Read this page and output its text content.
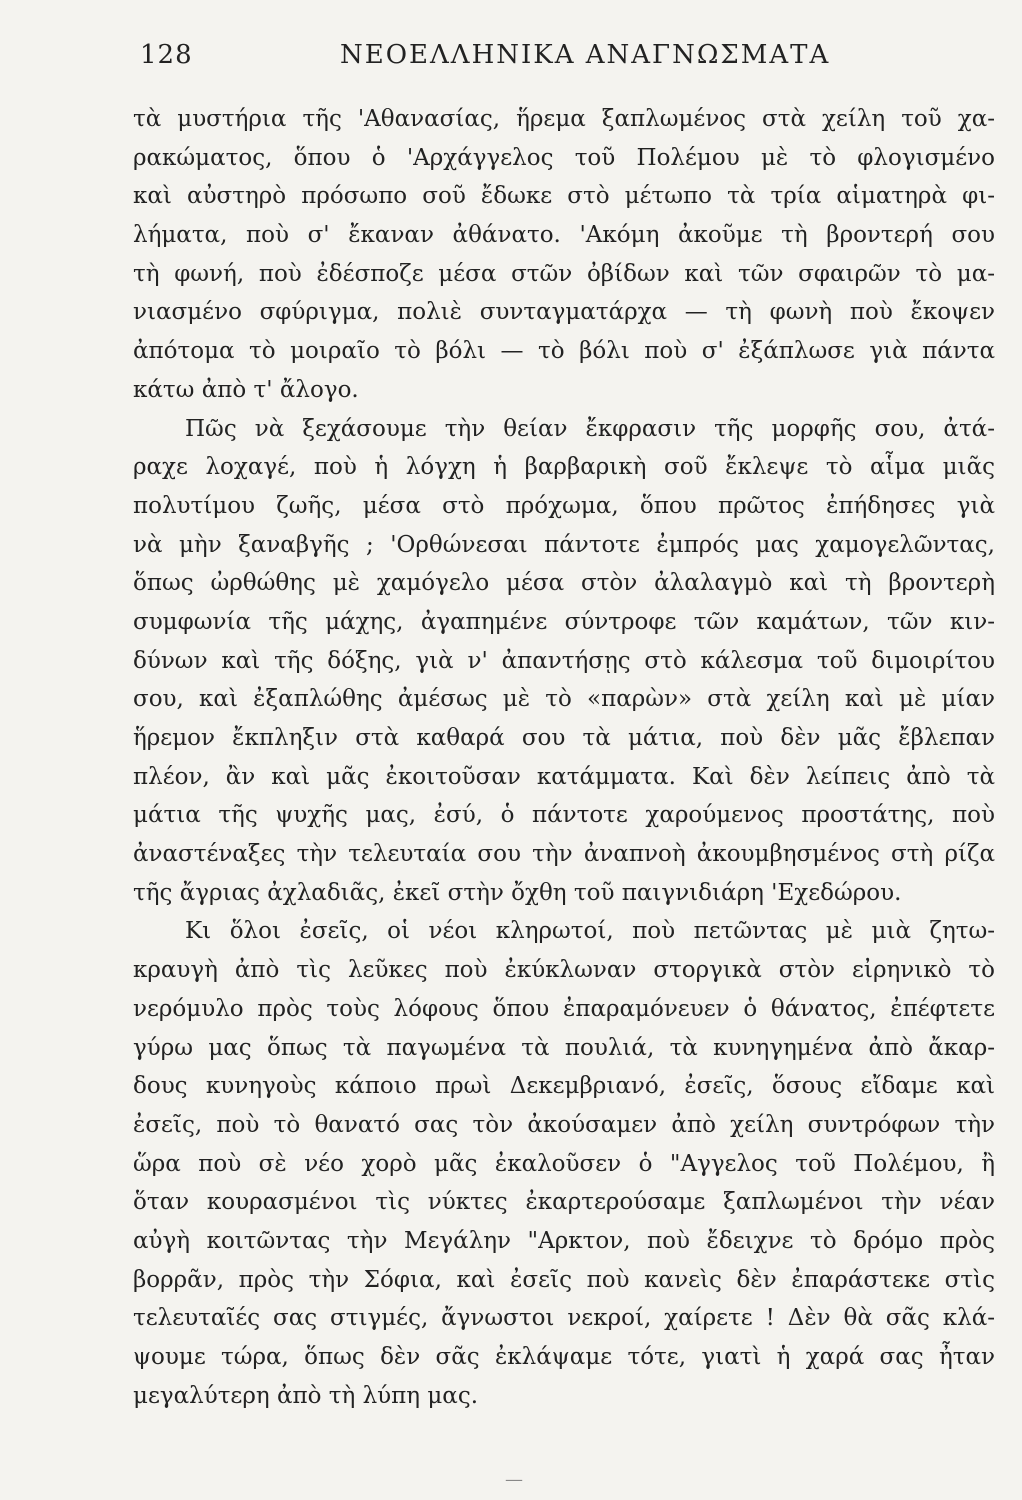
128	ΝΕΟΕΛΛΗΝΙΚΑ ΑΝΑΓΝΩΣΜΑΤΑ
τὰ μυστήρια τῆς 'Αθανασίας, ἥρεμα ξαπλωμένος στὰ χείλη τοῦ χα-
ρακώματος, ὅπου ὁ 'Αρχάγγελος τοῦ Πολέμου μὲ τὸ φλογισμένο
καὶ αὐστηρὸ πρόσωπο σοῦ ἔδωκε στὸ μέτωπο τὰ τρία αἱματηρὰ φι-
λήματα, ποὺ σ' ἔκαναν ἀθάνατο. 'Ακόμη ἀκοῦμε τὴ βροντερή σου
τὴ φωνή, ποὺ ἐδέσποζε μέσα στῶν ὀβίδων καὶ τῶν σφαιρῶν τὸ μα-
νιασμένο σφύριγμα, πολιὲ συνταγματάρχα — τὴ φωνὴ ποὺ ἔκοψεν
ἀπότομα τὸ μοιραῖο τὸ βόλι — τὸ βόλι ποὺ σ' ἐξάπλωσε γιὰ πάντα
κάτω ἀπὸ τ' ἄλογο.
Πῶς νὰ ξεχάσουμε τὴν θείαν ἔκφρασιν τῆς μορφῆς σου, ἀτά-
ραχε λοχαγέ, ποὺ ἡ λόγχη ἡ βαρβαρικὴ σοῦ ἔκλεψε τὸ αἷμα μιᾶς
πολυτίμου ζωῆς, μέσα στὸ πρόχωμα, ὅπου πρῶτος ἐπήδησες γιὰ
νὰ μὴν ξαναβγῆς ; 'Ορθώνεσαι πάντοτε ἐμπρός μας χαμογελῶντας,
ὅπως ὠρθώθης μὲ χαμόγελο μέσα στὸν ἀλαλαγμὸ καὶ τὴ βροντερὴ
συμφωνία τῆς μάχης, ἀγαπημένε σύντροφε τῶν καμάτων, τῶν κιν-
δύνων καὶ τῆς δόξης, γιὰ ν' ἀπαντήσῃς στὸ κάλεσμα τοῦ διμοιρίτου
σου, καὶ ἐξαπλώθης ἀμέσως μὲ τὸ «παρὼν» στὰ χείλη καὶ μὲ μίαν
ἥρεμον ἔκπληξιν στὰ καθαρά σου τὰ μάτια, ποὺ δὲν μᾶς ἔβλεπαν
πλέον, ἂν καὶ μᾶς ἐκοιτοῦσαν κατάμματα. Καὶ δὲν λείπεις ἀπὸ τὰ
μάτια τῆς ψυχῆς μας, ἐσύ, ὁ πάντοτε χαρούμενος προστάτης, ποὺ
ἀναστέναξες τὴν τελευταία σου τὴν ἀναπνοὴ ἀκουμβησμένος στὴ ρίζα
τῆς ἄγριας ἀχλαδιᾶς, ἐκεῖ στὴν ὄχθη τοῦ παιγνιδιάρη 'Εχεδώρου.
Κι ὅλοι ἐσεῖς, οἱ νέοι κληρωτοί, ποὺ πετῶντας μὲ μιὰ ζητω-
κραυγὴ ἀπὸ τὶς λεῦκες ποὺ ἐκύκλωναν στοργικὰ στὸν εἰρηνικὸ τὸ
νερόμυλο πρὸς τοὺς λόφους ὅπου ἐπαραμόνευεν ὁ θάνατος, ἐπέφτετε
γύρω μας ὅπως τὰ παγωμένα τὰ πουλιά, τὰ κυνηγημένα ἀπὸ ἄκαρ-
δους κυνηγοὺς κάποιο πρωὶ Δεκεμβριανό, ἐσεῖς, ὅσους εἴδαμε καὶ
ἐσεῖς, ποὺ τὸ θανατό σας τὸν ἀκούσαμεν ἀπὸ χείλη συντρόφων τὴν
ὥρα ποὺ σὲ νέο χορὸ μᾶς ἐκαλοῦσεν ὁ "Αγγελος τοῦ Πολέμου, ἢ
ὅταν κουρασμένοι τὶς νύκτες ἐκαρτερούσαμε ξαπλωμένοι τὴν νέαν
αὐγὴ κοιτῶντας τὴν Μεγάλην "Αρκτον, ποὺ ἔδειχνε τὸ δρόμο πρὸς
βορρᾶν, πρὸς τὴν Σόφια, καὶ ἐσεῖς ποὺ κανεὶς δὲν ἐπαράστεκε στὶς
τελευταῖές σας στιγμές, ἄγνωστοι νεκροί, χαίρετε ! Δὲν θὰ σᾶς κλά-
ψουμε τώρα, ὅπως δὲν σᾶς ἐκλάψαμε τότε, γιατὶ ἡ χαρά σας ἦταν
μεγαλύτερη ἀπὸ τὴ λύπη μας.
—
